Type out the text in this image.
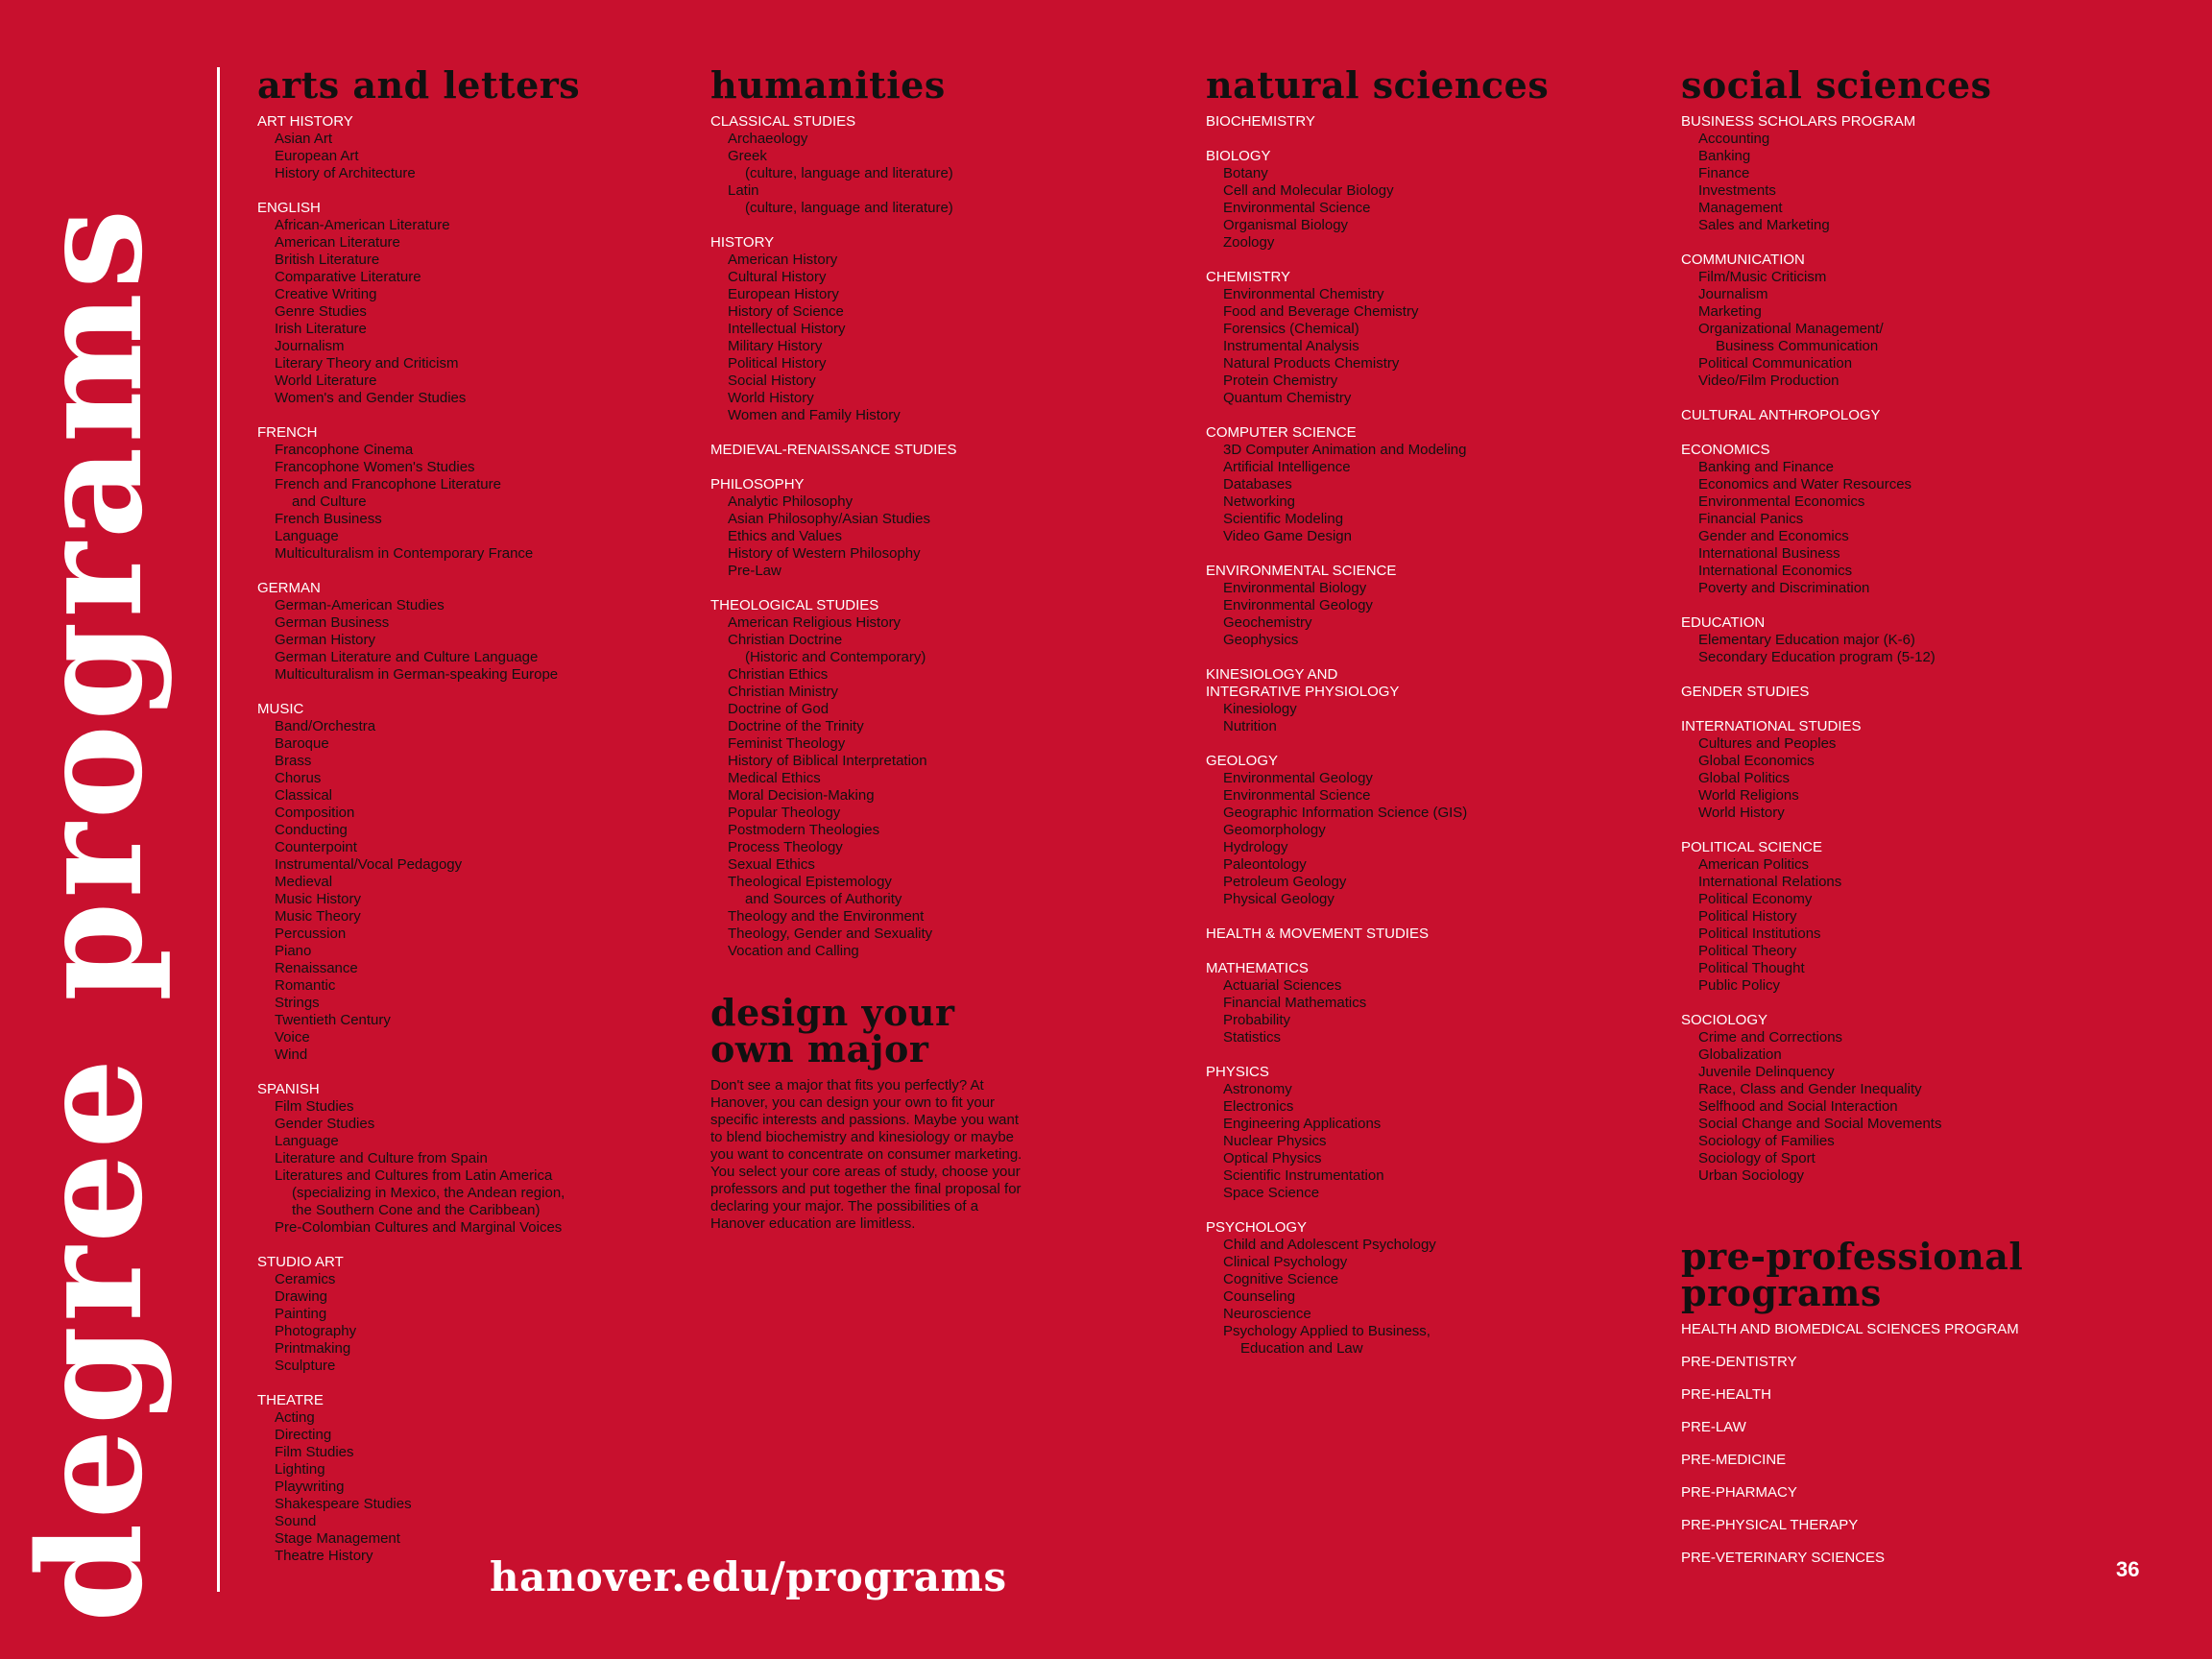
degree programs
arts and letters
ART HISTORY
Asian Art
European Art
History of Architecture
ENGLISH
African-American Literature
American Literature
British Literature
Comparative Literature
Creative Writing
Genre Studies
Irish Literature
Journalism
Literary Theory and Criticism
World Literature
Women's and Gender Studies
FRENCH
Francophone Cinema
Francophone Women's Studies
French and Francophone Literature
and Culture
French Business
Language
Multiculturalism in Contemporary France
GERMAN
German-American Studies
German Business
German History
German Literature and Culture Language
Multiculturalism in German-speaking Europe
MUSIC
Band/Orchestra
Baroque
Brass
Chorus
Classical
Composition
Conducting
Counterpoint
Instrumental/Vocal Pedagogy
Medieval
Music History
Music Theory
Percussion
Piano
Renaissance
Romantic
Strings
Twentieth Century
Voice
Wind
SPANISH
Film Studies
Gender Studies
Language
Literature and Culture from Spain
Literatures and Cultures from Latin America
(specializing in Mexico, the Andean region,
the Southern Cone and the Caribbean)
Pre-Colombian Cultures and Marginal Voices
STUDIO ART
Ceramics
Drawing
Painting
Photography
Printmaking
Sculpture
THEATRE
Acting
Directing
Film Studies
Lighting
Playwriting
Shakespeare Studies
Sound
Stage Management
Theatre History
humanities
CLASSICAL STUDIES
Archaeology
Greek
(culture, language and literature)
Latin
(culture, language and literature)
HISTORY
American History
Cultural History
European History
History of Science
Intellectual History
Military History
Political History
Social History
World History
Women and Family History
MEDIEVAL-RENAISSANCE STUDIES
PHILOSOPHY
Analytic Philosophy
Asian Philosophy/Asian Studies
Ethics and Values
History of Western Philosophy
Pre-Law
THEOLOGICAL STUDIES
American Religious History
Christian Doctrine
(Historic and Contemporary)
Christian Ethics
Christian Ministry
Doctrine of God
Doctrine of the Trinity
Feminist Theology
History of Biblical Interpretation
Medical Ethics
Moral Decision-Making
Popular Theology
Postmodern Theologies
Process Theology
Sexual Ethics
Theological Epistemology
and Sources of Authority
Theology and the Environment
Theology, Gender and Sexuality
Vocation and Calling
design your
own major
Don't see a major that fits you perfectly? At Hanover, you can design your own to fit your specific interests and passions. Maybe you want to blend biochemistry and kinesiology or maybe you want to concentrate on consumer marketing. You select your core areas of study, choose your professors and put together the final proposal for declaring your major. The possibilities of a Hanover education are limitless.
natural sciences
BIOCHEMISTRY
BIOLOGY
Botany
Cell and Molecular Biology
Environmental Science
Organismal Biology
Zoology
CHEMISTRY
Environmental Chemistry
Food and Beverage Chemistry
Forensics (Chemical)
Instrumental Analysis
Natural Products Chemistry
Protein Chemistry
Quantum Chemistry
COMPUTER SCIENCE
3D Computer Animation and Modeling
Artificial Intelligence
Databases
Networking
Scientific Modeling
Video Game Design
ENVIRONMENTAL SCIENCE
Environmental Biology
Environmental Geology
Geochemistry
Geophysics
KINESIOLOGY AND
INTEGRATIVE PHYSIOLOGY
Kinesiology
Nutrition
GEOLOGY
Environmental Geology
Environmental Science
Geographic Information Science (GIS)
Geomorphology
Hydrology
Paleontology
Petroleum Geology
Physical Geology
HEALTH & MOVEMENT STUDIES
MATHEMATICS
Actuarial Sciences
Financial Mathematics
Probability
Statistics
PHYSICS
Astronomy
Electronics
Engineering Applications
Nuclear Physics
Optical Physics
Scientific Instrumentation
Space Science
PSYCHOLOGY
Child and Adolescent Psychology
Clinical Psychology
Cognitive Science
Counseling
Neuroscience
Psychology Applied to Business,
Education and Law
social sciences
BUSINESS SCHOLARS PROGRAM
Accounting
Banking
Finance
Investments
Management
Sales and Marketing
COMMUNICATION
Film/Music Criticism
Journalism
Marketing
Organizational Management/
Business Communication
Political Communication
Video/Film Production
CULTURAL ANTHROPOLOGY
ECONOMICS
Banking and Finance
Economics and Water Resources
Environmental Economics
Financial Panics
Gender and Economics
International Business
International Economics
Poverty and Discrimination
EDUCATION
Elementary Education major (K-6)
Secondary Education program (5-12)
GENDER STUDIES
INTERNATIONAL STUDIES
Cultures and Peoples
Global Economics
Global Politics
World Religions
World History
POLITICAL SCIENCE
American Politics
International Relations
Political Economy
Political History
Political Institutions
Political Theory
Political Thought
Public Policy
SOCIOLOGY
Crime and Corrections
Globalization
Juvenile Delinquency
Race, Class and Gender Inequality
Selfhood and Social Interaction
Social Change and Social Movements
Sociology of Families
Sociology of Sport
Urban Sociology
pre-professional
programs
HEALTH AND BIOMEDICAL SCIENCES PROGRAM
PRE-DENTISTRY
PRE-HEALTH
PRE-LAW
PRE-MEDICINE
PRE-PHARMACY
PRE-PHYSICAL THERAPY
PRE-VETERINARY SCIENCES
hanover.edu/programs	36
